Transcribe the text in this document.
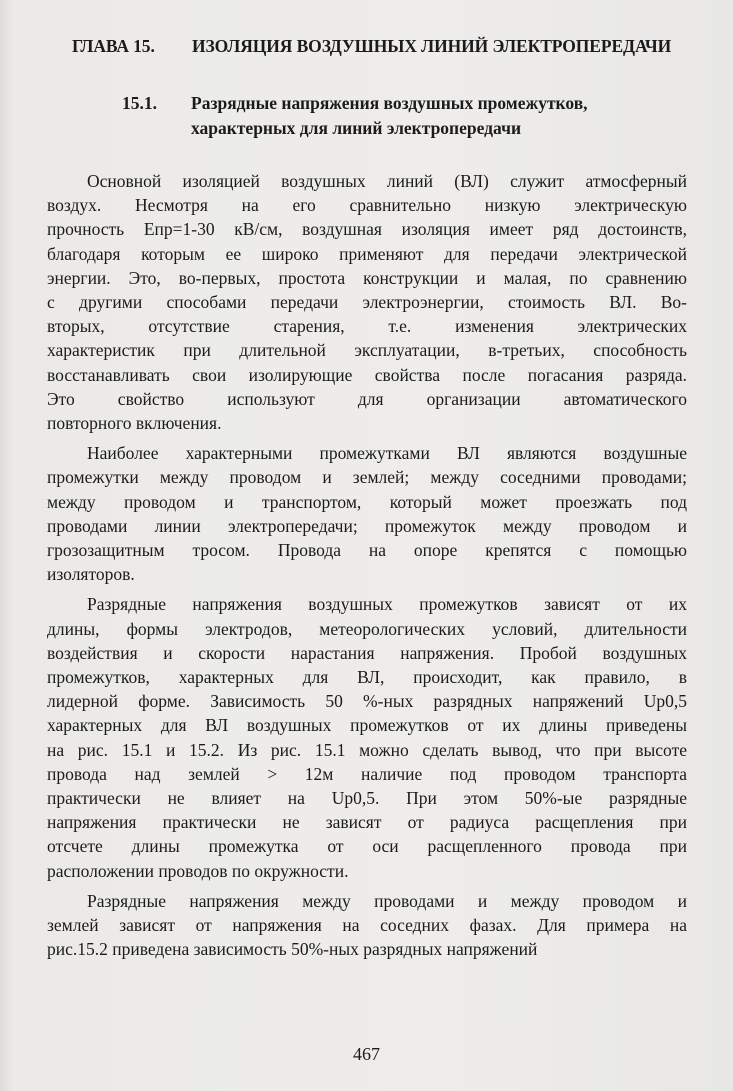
ГЛАВА 15. ИЗОЛЯЦИЯ ВОЗДУШНЫХ ЛИНИЙ ЭЛЕКТРОПЕРЕДАЧИ
15.1. Разрядные напряжения воздушных промежутков,
характерных для линий электропередачи
Основной изоляцией воздушных линий (ВЛ) служит атмосферный
воздух. Несмотря на его сравнительно низкую электрическую
прочность Eпр=1-30 кВ/см, воздушная изоляция имеет ряд достоинств,
благодаря которым ее широко применяют для передачи электрической
энергии. Это, во-первых, простота конструкции и малая, по сравнению
с другими способами передачи электроэнергии, стоимость ВЛ. Во-
вторых, отсутствие старения, т.е. изменения электрических
характеристик при длительной эксплуатации, в-третьих, способность
восстанавливать свои изолирующие свойства после погасания разряда.
Это свойство используют для организации автоматического
повторного включения.
Наиболее характерными промежутками ВЛ являются воздушные
промежутки между проводом и землей; между соседними проводами;
между проводом и транспортом, который может проезжать под
проводами линии электропередачи; промежуток между проводом и
грозозащитным тросом. Провода на опоре крепятся с помощью
изоляторов.
Разрядные напряжения воздушных промежутков зависят от их
длины, формы электродов, метеорологических условий, длительности
воздействия и скорости нарастания напряжения. Пробой воздушных
промежутков, характерных для ВЛ, происходит, как правило, в
лидерной форме. Зависимость 50 %-ных разрядных напряжений Uр0,5
характерных для ВЛ воздушных промежутков от их длины приведены
на рис. 15.1 и 15.2. Из рис. 15.1 можно сделать вывод, что при высоте
провода над землей > 12м наличие под проводом транспорта
практически не влияет на Uр0,5. При этом 50%-ые разрядные
напряжения практически не зависят от радиуса расщепления при
отсчете длины промежутка от оси расщепленного провода при
расположении проводов по окружности.
Разрядные напряжения между проводами и между проводом и
землей зависят от напряжения на соседних фазах. Для примера на
рис.15.2 приведена зависимость 50%-ных разрядных напряжений
467
